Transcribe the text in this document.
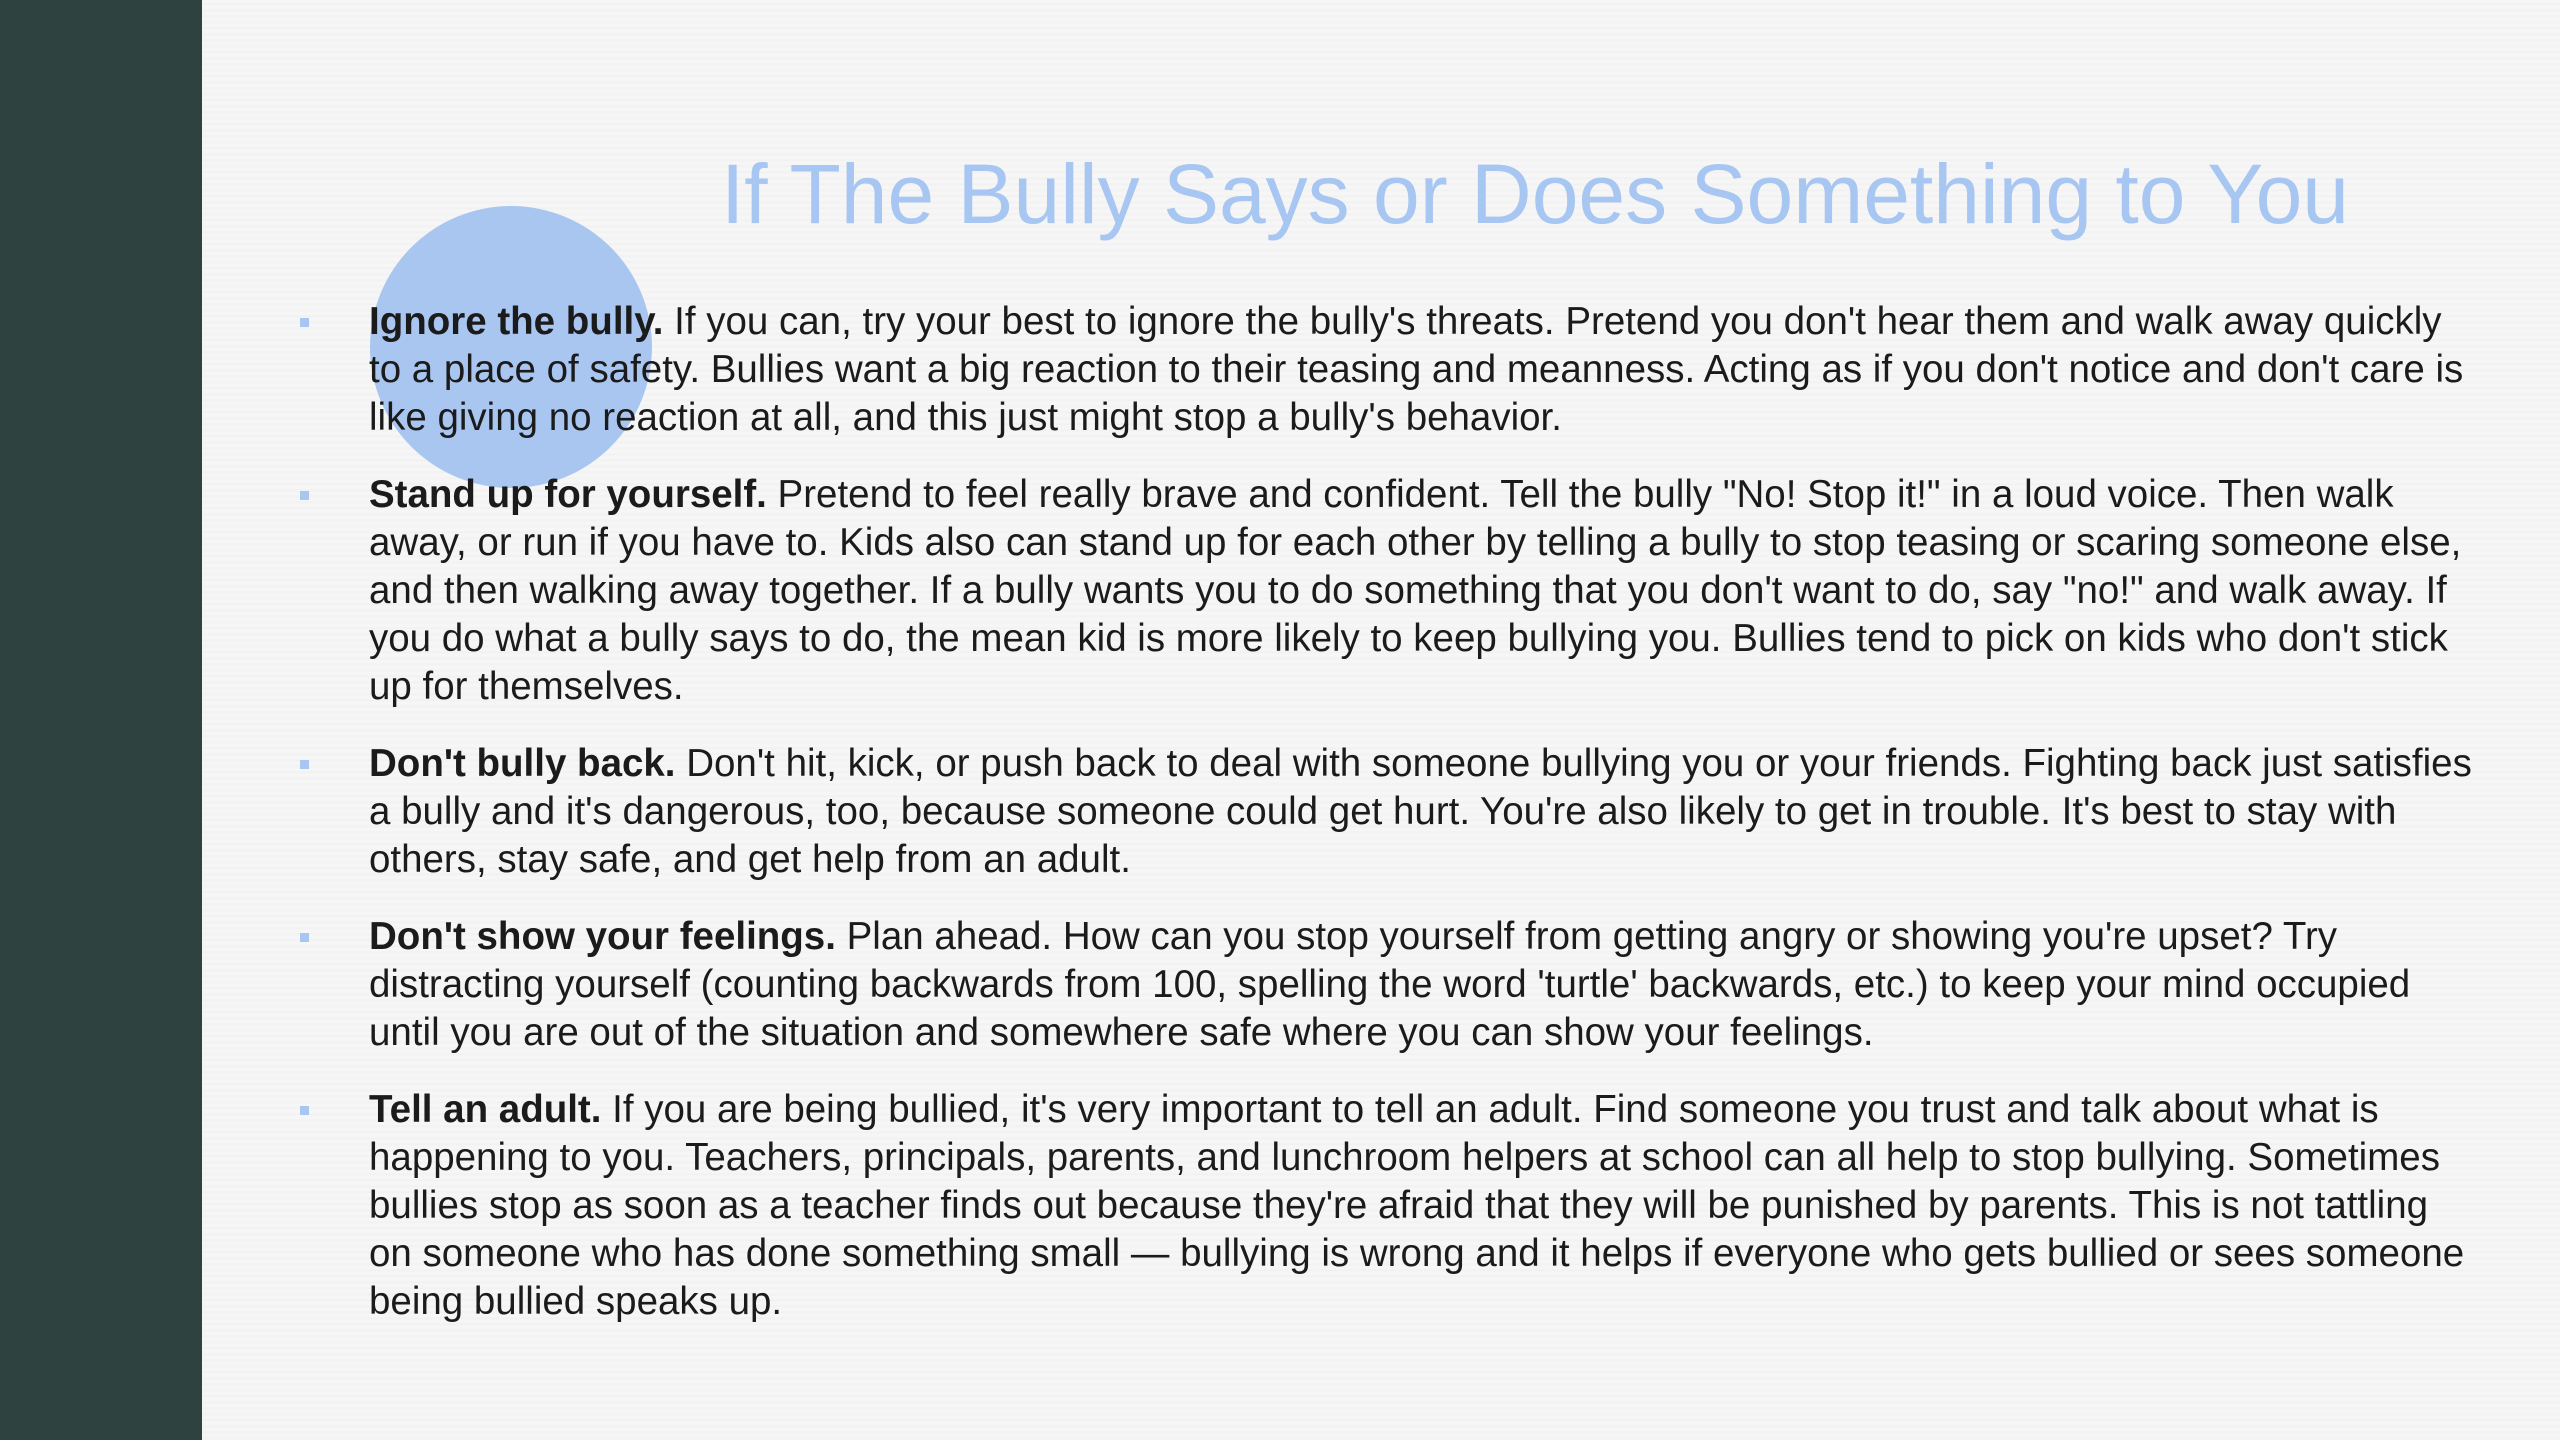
If The Bully Says or Does Something to You
Ignore the bully. If you can, try your best to ignore the bully's threats. Pretend you don't hear them and walk away quickly to a place of safety. Bullies want a big reaction to their teasing and meanness. Acting as if you don't notice and don't care is like giving no reaction at all, and this just might stop a bully's behavior.
Stand up for yourself. Pretend to feel really brave and confident. Tell the bully "No! Stop it!" in a loud voice. Then walk away, or run if you have to. Kids also can stand up for each other by telling a bully to stop teasing or scaring someone else, and then walking away together. If a bully wants you to do something that you don't want to do, say "no!" and walk away. If you do what a bully says to do, the mean kid is more likely to keep bullying you. Bullies tend to pick on kids who don't stick up for themselves.
Don't bully back. Don't hit, kick, or push back to deal with someone bullying you or your friends. Fighting back just satisfies a bully and it's dangerous, too, because someone could get hurt. You're also likely to get in trouble. It's best to stay with others, stay safe, and get help from an adult.
Don't show your feelings. Plan ahead. How can you stop yourself from getting angry or showing you're upset? Try distracting yourself (counting backwards from 100, spelling the word 'turtle' backwards, etc.) to keep your mind occupied until you are out of the situation and somewhere safe where you can show your feelings.
Tell an adult. If you are being bullied, it's very important to tell an adult. Find someone you trust and talk about what is happening to you. Teachers, principals, parents, and lunchroom helpers at school can all help to stop bullying. Sometimes bullies stop as soon as a teacher finds out because they're afraid that they will be punished by parents. This is not tattling on someone who has done something small — bullying is wrong and it helps if everyone who gets bullied or sees someone being bullied speaks up.
